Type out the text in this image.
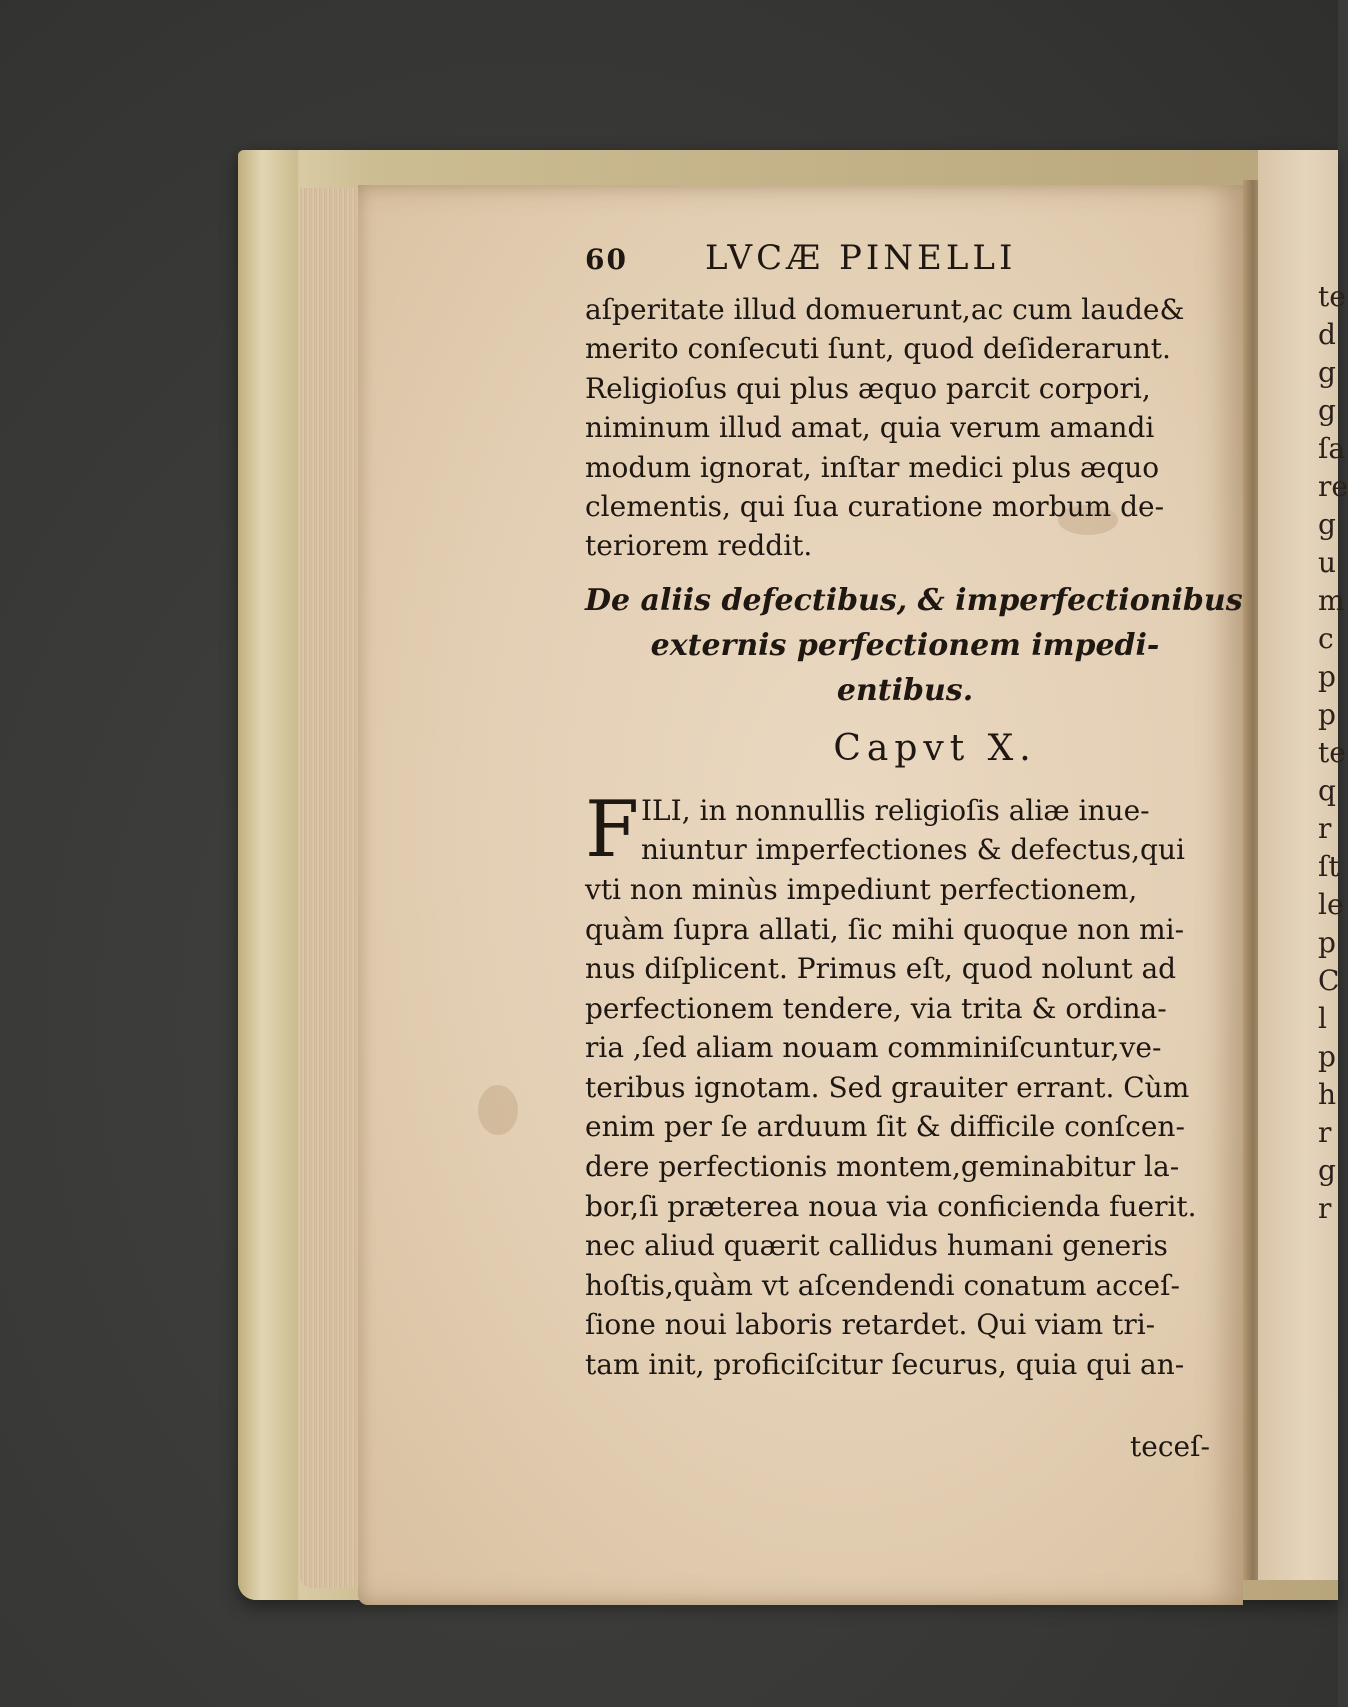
60	LVCÆ PINELLI
aſperitate illud domuerunt,ac cum laude&
merito conſecuti ſunt, quod deſiderarunt.
Religioſus qui plus æquo parcit corpori,
niminum illud amat, quia verum amandi
modum ignorat, inſtar medici plus æquo
clementis, qui ſua curatione morbum de-
teriorem reddit.
De aliis defectibus, & imperfectionibus
externis perfectionem impedi-
entibus.
Capvt X.
F ILI, in nonnullis religioſis aliæ inue-
niuntur imperfectiones & defectus,qui
vti non minùs impediunt perfectionem,
quàm ſupra allati, ſic mihi quoque non mi-
nus diſplicent. Primus eſt, quod nolunt ad
perfectionem tendere, via trita & ordina-
ria ,ſed aliam nouam comminiſcuntur,ve-
teribus ignotam. Sed grauiter errant. Cùm
enim per ſe arduum ſit & difficile conſcen-
dere perfectionis montem,geminabitur la-
bor,ſi præterea noua via conficienda fuerit.
nec aliud quærit callidus humani generis
hoſtis,quàm vt aſcendendi conatum acceſ-
ſione noui laboris retardet. Qui viam tri-
tam init, proficiſcitur ſecurus, quia qui an-
teceſ-
te
d
g
g
ſa
re
g
u
m
c
p
p
te
q
r
ſt
le
p
C
l
p
h
r
g
r
